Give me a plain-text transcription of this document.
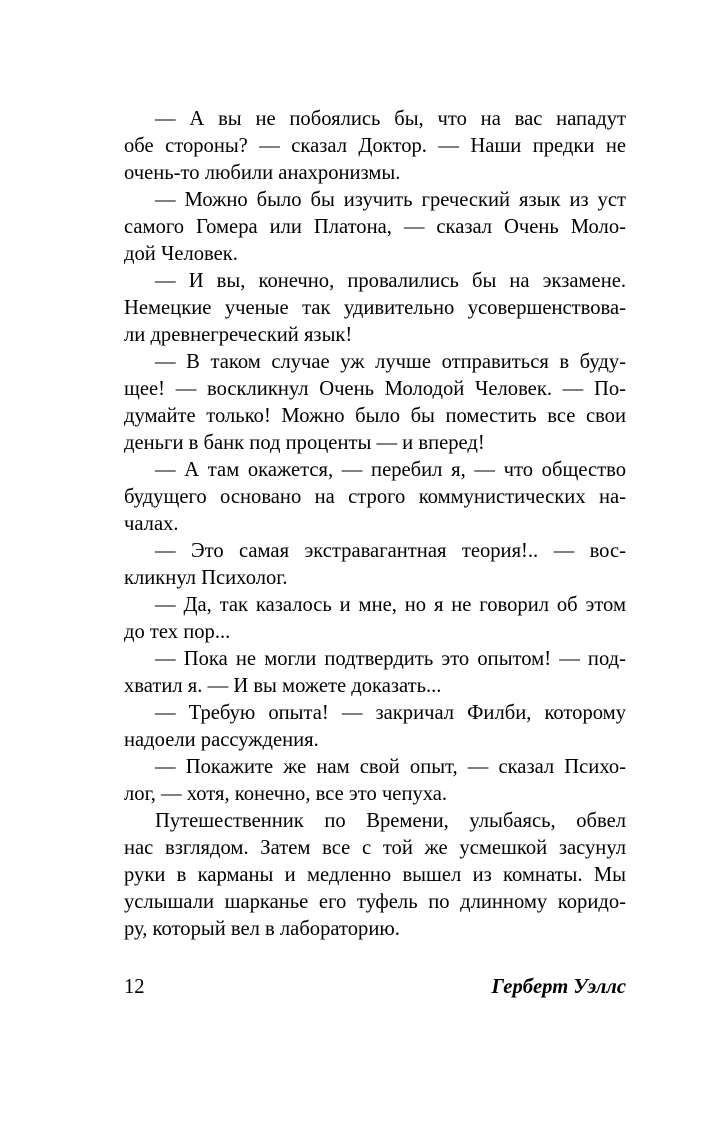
— А вы не побоялись бы, что на вас нападут
обе стороны? — сказал Доктор. — Наши предки не
очень-то любили анахронизмы.
— Можно было бы изучить греческий язык из уст
самого Гомера или Платона, — сказал Очень Моло-
дой Человек.
— И вы, конечно, провалились бы на экзамене.
Немецкие ученые так удивительно усовершенствова-
ли древнегреческий язык!
— В таком случае уж лучше отправиться в буду-
щее! — воскликнул Очень Молодой Человек. — По-
думайте только! Можно было бы поместить все свои
деньги в банк под проценты — и вперед!
— А там окажется, — перебил я, — что общество
будущего основано на строго коммунистических на-
чалах.
— Это самая экстравагантная теория!.. — вос-
кликнул Психолог.
— Да, так казалось и мне, но я не говорил об этом
до тех пор...
— Пока не могли подтвердить это опытом! — под-
хватил я. — И вы можете доказать...
— Требую опыта! — закричал Филби, которому
надоели рассуждения.
— Покажите же нам свой опыт, — сказал Психо-
лог, — хотя, конечно, все это чепуха.
Путешественник по Времени, улыбаясь, обвел
нас взглядом. Затем все с той же усмешкой засунул
руки в карманы и медленно вышел из комнаты. Мы
услышали шарканье его туфель по длинному коридо-
ру, который вел в лабораторию.
12	Герберт Уэллс
